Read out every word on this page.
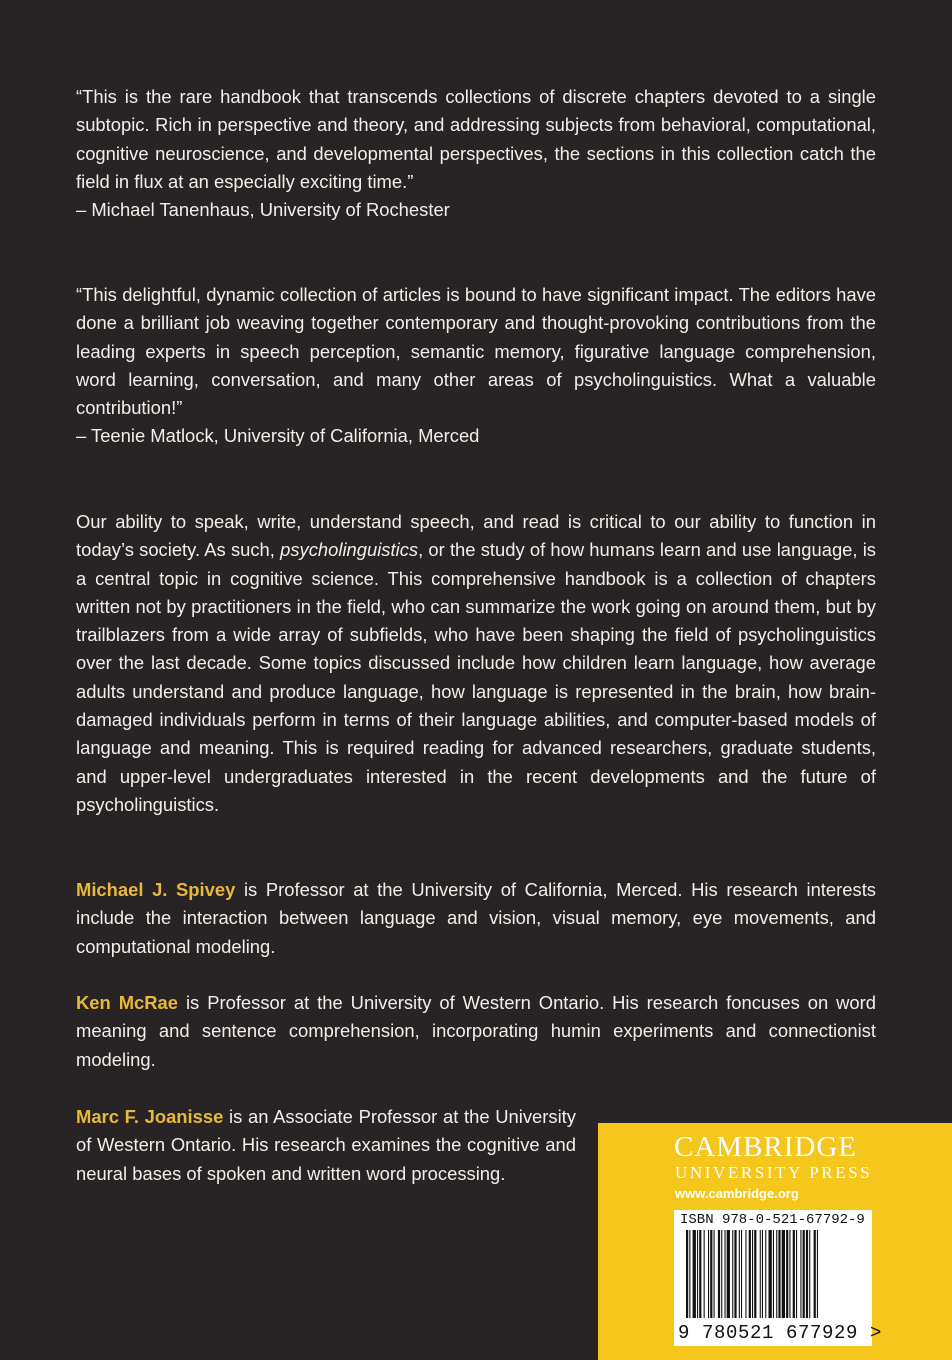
“This is the rare handbook that transcends collections of discrete chapters devoted to a single subtopic. Rich in perspective and theory, and addressing subjects from behavioral, computational, cognitive neuroscience, and developmental perspectives, the sections in this collection catch the field in flux at an especially exciting time.”

– Michael Tanenhaus, University of Rochester

“This delightful, dynamic collection of articles is bound to have significant impact. The editors have done a brilliant job weaving together contemporary and thought-provoking contributions from the leading experts in speech perception, semantic memory, figurative language comprehension, word learning, conversation, and many other areas of psycholinguistics. What a valuable contribution!”

– Teenie Matlock, University of California, Merced

Our ability to speak, write, understand speech, and read is critical to our ability to function in today’s society. As such, psycholinguistics, or the study of how humans learn and use language, is a central topic in cognitive science. This comprehensive handbook is a collection of chapters written not by practitioners in the field, who can summarize the work going on around them, but by trailblazers from a wide array of subfields, who have been shaping the field of psycholinguistics over the last decade. Some topics discussed include how children learn language, how average adults understand and produce language, how language is represented in the brain, how brain-damaged individuals perform in terms of their language abilities, and computer-based models of language and meaning. This is required reading for advanced researchers, graduate students, and upper-level undergraduates interested in the recent developments and the future of psycholinguistics.

Michael J. Spivey is Professor at the University of California, Merced. His research interests include the interaction between language and vision, visual memory, eye movements, and computational modeling.

Ken McRae is Professor at the University of Western Ontario. His research foncuses on word meaning and sentence comprehension, incorporating humin experiments and connectionist modeling.

Marc F. Joanisse is an Associate Professor at the University of Western Ontario. His research examines the cognitive and neural bases of spoken and written word processing.

CAMBRIDGE
UNIVERSITY PRESS
www.cambridge.org
ISBN 978-0-521-67792-9
9 780521 677929 >
